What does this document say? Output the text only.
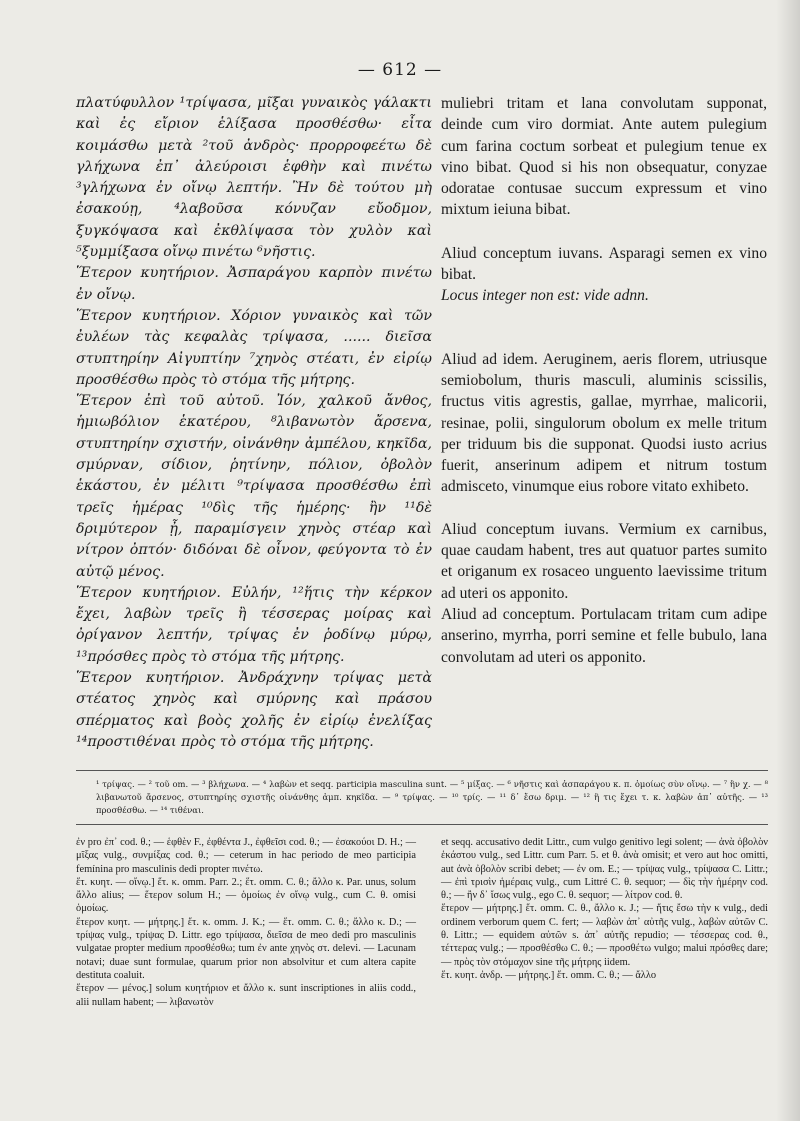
— 612 —

πλατύφυλλον ¹τρίψασα, μῖξαι γυναικὸς γάλακτι καὶ ἐς εἴριον ἑλίξασα προσθέσθω· εἶτα κοιμάσθω μετὰ ²τοῦ ἀνδρὸς· προρροφεέτω δὲ γλήχωνα ἐπ᾽ ἀλεύροισι ἑφθὴν καὶ πινέτω ³γλήχωνα ἐν οἴνῳ λεπτήν. Ἢν δὲ τούτου μὴ ἐσακούῃ, ⁴λαβοῦσα κόνυζαν εὔοδμον, ξυγκόψασα καὶ ἐκθλίψασα τὸν χυλὸν καὶ ⁵ξυμμίξασα οἴνῳ πινέτω ⁶νῆστις.

Ἕτερον κυητήριον. Ἀσπαράγου καρπὸν πινέτω ἐν οἴνῳ.

Ἕτερον κυητήριον. Χόριον γυναικὸς καὶ τῶν ἐυλέων τὰς κεφαλὰς τρίψασα, ...... διεῖσα στυπτηρίην Αἰγυπτίην ⁷χηνὸς στέατι, ἐν εἰρίῳ προσθέσθω πρὸς τὸ στόμα τῆς μήτρης.

Ἕτερον ἐπὶ τοῦ αὐτοῦ. Ἰόν, χαλκοῦ ἄνθος, ἡμιωβόλιον ἑκατέρου, ⁸λιβανωτὸν ἄρσενα, στυπτηρίην σχιστήν, οἰνάνθην ἀμπέλου, κηκῖδα, σμύρναν, σίδιον, ῥητίνην, πόλιον, ὀβολὸν ἑκάστου, ἐν μέλιτι ⁹τρίψασα προσθέσθω ἐπὶ τρεῖς ἡμέρας ¹⁰δὶς τῆς ἡμέρης· ἢν ¹¹δὲ δριμύτερον ᾖ, παραμίσγειν χηνὸς στέαρ καὶ νίτρον ὀπτόν· διδόναι δὲ οἶνον, φεύγοντα τὸ ἐν αὐτῷ μένος.

Ἕτερον κυητήριον. Εὐλήν, ¹²ἥτις τὴν κέρκον ἔχει, λαβὼν τρεῖς ἢ τέσσερας μοίρας καὶ ὀρίγανον λεπτήν, τρίψας ἐν ῥοδίνῳ μύρῳ, ¹³πρόσθες πρὸς τὸ στόμα τῆς μήτρης.

Ἕτερον κυητήριον. Ἀνδράχνην τρίψας μετὰ στέατος χηνὸς καὶ σμύρνης καὶ πράσου σπέρματος καὶ βοὸς χολῆς ἐν εἰρίῳ ἐνελίξας ¹⁴προστιθέναι πρὸς τὸ στόμα τῆς μήτρης.

muliebri tritam et lana convolutam supponat, deinde cum viro dormiat. Ante autem pulegium cum farina coctum sorbeat et pulegium tenue ex vino bibat. Quod si his non obsequatur, conyzae odoratae contusae succum expressum et vino mixtum ieiuna bibat.

Aliud conceptum iuvans. Asparagi semen ex vino bibat.

Locus integer non est: vide adnn.

Aliud ad idem. Aeruginem, aeris florem, utriusque semiobolum, thuris masculi, aluminis scissilis, fructus vitis agrestis, gallae, myrrhae, malicorii, resinae, polii, singulorum obolum ex melle tritum per triduum bis die supponat. Quodsi iusto acrius fuerit, anserinum adipem et nitrum tostum admisceto, vinumque eius robore vitato exhibeto.

Aliud conceptum iuvans. Vermium ex carnibus, quae caudam habent, tres aut quatuor partes sumito et origanum ex rosaceo unguento laevissime tritum ad uteri os apponito.

Aliud ad conceptum. Portulacam tritam cum adipe anserino, myrrha, porri semine et felle bubulo, lana convolutam ad uteri os apponito.

¹ τρίψας. — ² τοῦ om. — ³ βλήχωνα. — ⁴ λαβὼν et seqq. participia masculina sunt. — ⁵ μίξας. — ⁶ νῆστις καὶ ἀσπαράγου κ. π. ὁμοίως σὺν οἴνῳ. — ⁷ ἢν χ. — ⁸ λιβανωτοῦ ἄρσενος, στυπτηρίης σχιστῆς οἰνάνθης ἀμπ. κηκῖδα. — ⁹ τρίψας. — ¹⁰ τρίς. — ¹¹ δ᾽ ἔσω δριμ. — ¹² ἢ τις ἔχει τ. κ. λαβὼν ἀπ᾽ αὐτῆς. — ¹³ προσθέσθω. — ¹⁴ τιθέναι.

ἐν pro ἐπ᾽ cod. θ.; — ἑφθὲν F., ἐφθέντα J., ἐφθεῖσι cod. θ.; — ἐσακούοι D. H.; — μῖξας vulg., συνμίξας cod. θ.; — ceterum in hac periodo de meo participia femínina pro masculinis dedi propter πινέτω.

ἕτ. κυητ. — οἴνῳ.] ἕτ. κ. omm. Parr. 2.; ἕτ. omm. C. θ.; ἄλλο κ. Par. unus, solum ἄλλο alius; — ἕτερον solum H.; — ὁμοίως ἐν οἴνῳ vulg., cum C. θ. omisi ὁμοίως.

ἕτερον κυητ. — μήτρης.] ἕτ. κ. omm. J. K.; — ἕτ. omm. C. θ.; ἄλλο κ. D.; — τρίψας vulg., τρίψας D. Littr. ego τρίψασα, διεῖσα de meo dedi pro masculinis vulgatae propter medium προσθέσθω; tum ἐν ante χηνὸς στ. delevi. — Lacunam notavi; duae sunt formulae, quarum prior non absolvitur et cum altera capite destituta coaluit.

ἕτερον — μένος.] solum κυητήριον et ἄλλο κ. sunt inscriptiones in aliis codd., alii nullam habent; — λιβανωτὸν

et seqq. accusativo dedit Littr., cum vulgo genitivo legi solent; — ἀνὰ ὀβολὸν ἑκάστου vulg., sed Littr. cum Parr. 5. et θ. ἀνὰ omisit; et vero aut hoc omitti, aut ἀνὰ ὀβολὸν scribi debet; — ἐν om. E.; — τρίψας vulg., τρίψασα C. Littr.; — ἐπὶ τρισὶν ἡμέραις vulg., cum Littré C. θ. sequor; — δὶς τὴν ἡμέρην cod. θ.; — ἢν δ᾽ ἴσως vulg., ego C. θ. sequor; — λίτρον cod. θ.

ἕτερον — μήτρης.] ἕτ. omm. C. θ., ἄλλο κ. J.; — ἥτις ἔσω τὴν κ vulg., dedi ordinem verborum quem C. fert; — λαβὼν ἀπ᾽ αὐτῆς vulg., λαβὼν αὐτῶν C. θ. Littr.; — equidem αὐτῶν s. ἀπ᾽ αὐτῆς repudio; — τέσσερας cod. θ., τέττερας vulg.; — προσθέσθω C. θ.; — προσθέτω vulgo; malui πρόσθες dare; — πρὸς τὸν στόμαχον sine τῆς μήτρης iidem.

ἕτ. κυητ. ἀνδρ. — μήτρης.] ἕτ. omm. C. θ.; — ἄλλο
